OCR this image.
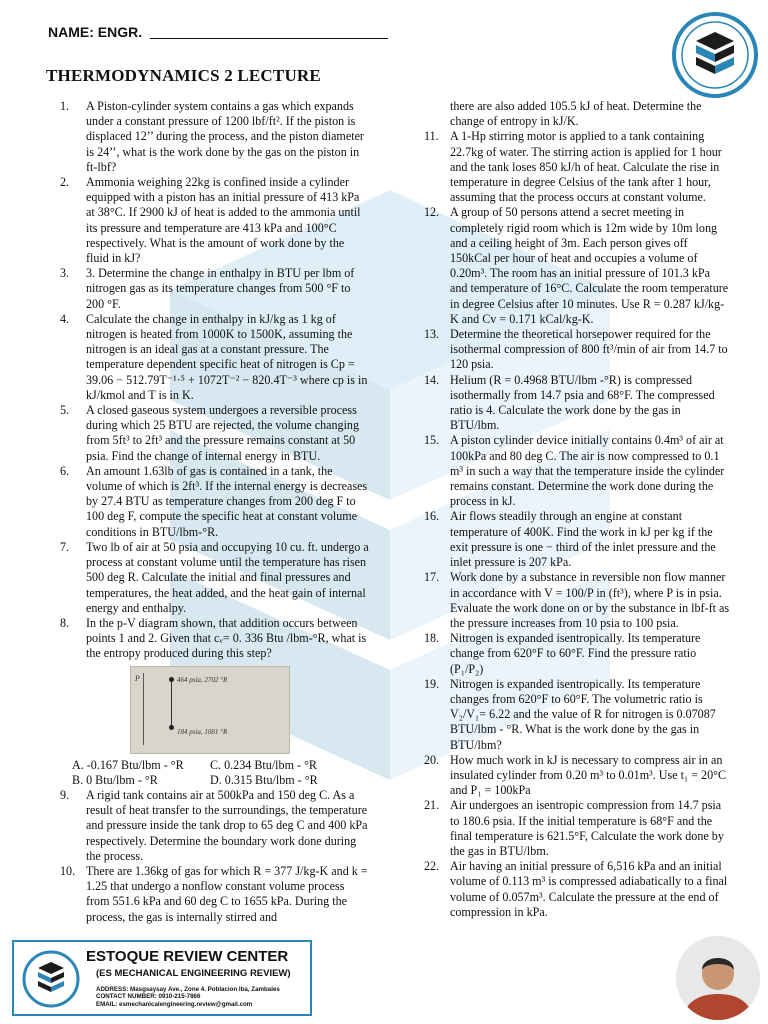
NAME: ENGR.
THERMODYNAMICS 2 LECTURE
1.	A Piston-cylinder system contains a gas which expands under a constant pressure of 1200 lbf/ft². If the piston is displaced 12’’ during the process, and the piston diameter is 24’’, what is the work done by the gas on the piston in ft-lbf?
2.	Ammonia weighing 22kg is confined inside a cylinder equipped with a piston has an initial pressure of 413 kPa at 38°C. If 2900 kJ of heat is added to the ammonia until its pressure and temperature are 413 kPa and 100°C respectively. What is the amount of work done by the fluid in kJ?
3.	3. Determine the change in enthalpy in BTU per lbm of nitrogen gas as its temperature changes from 500 °F to 200 °F.
4.	Calculate the change in enthalpy in kJ/kg as 1 kg of nitrogen is heated from 1000K to 1500K, assuming the nitrogen is an ideal gas at a constant pressure. The temperature dependent specific heat of nitrogen is Cp = 39.06 − 512.79T⁻¹·⁵ + 1072T⁻² − 820.4T⁻³ where cp is in kJ/kmol and T is in K.
5.	A closed gaseous system undergoes a reversible process during which 25 BTU are rejected, the volume changing from 5ft³ to 2ft³ and the pressure remains constant at 50 psia. Find the change of internal energy in BTU.
6.	An amount 1.63lb of gas is contained in a tank, the volume of which is 2ft³. If the internal energy is decreases by 27.4 BTU as temperature changes from 200 deg F to 100 deg F, compute the specific heat at constant volume conditions in BTU/lbm-°R.
7.	Two lb of air at 50 psia and occupying 10 cu. ft. undergo a process at constant volume until the temperature has risen 500 deg R. Calculate the initial and final pressures and temperatures, the heat added, and the heat gain of internal energy and enthalpy.
8.	In the p-V diagram shown, that addition occurs between points 1 and 2. Given that cᵥ= 0. 336 Btu /lbm-°R, what is the entropy produced during this step?
P	464 psia, 2702 °R
184 psia, 1081 °R
A. -0.167 Btu/lbm - °R	C. 0.234 Btu/lbm - °R
B. 0 Btu/lbm - °R	D. 0.315 Btu/lbm - °R
9.	A rigid tank contains air at 500kPa and 150 deg C. As a result of heat transfer to the surroundings, the temperature and pressure inside the tank drop to 65 deg C and 400 kPa respectively. Determine the boundary work done during the process.
10. There are 1.36kg of gas for which R = 377 J/kg-K and k = 1.25 that undergo a nonflow constant volume process from 551.6 kPa and 60 deg C to 1655 kPa. During the process, the gas is internally stirred and
there are also added 105.5 kJ of heat. Determine the change of entropy in kJ/K.
11. A 1-Hp stirring motor is applied to a tank containing 22.7kg of water. The stirring action is applied for 1 hour and the tank loses 850 kJ/h of heat. Calculate the rise in temperature in degree Celsius of the tank after 1 hour, assuming that the process occurs at constant volume.
12. A group of 50 persons attend a secret meeting in completely rigid room which is 12m wide by 10m long and a ceiling height of 3m. Each person gives off 150kCal per hour of heat and occupies a volume of 0.20m³. The room has an initial pressure of 101.3 kPa and temperature of 16°C. Calculate the room temperature in degree Celsius after 10 minutes. Use R = 0.287 kJ/kg-K and Cv = 0.171 kCal/kg-K.
13. Determine the theoretical horsepower required for the isothermal compression of 800 ft³/min of air from 14.7 to 120 psia.
14. Helium (R = 0.4968 BTU/lbm -°R) is compressed isothermally from 14.7 psia and 68°F. The compressed ratio is 4. Calculate the work done by the gas in BTU/lbm.
15. A piston cylinder device initially contains 0.4m³ of air at 100kPa and 80 deg C. The air is now compressed to 0.1 m³ in such a way that the temperature inside the cylinder remains constant. Determine the work done during the process in kJ.
16. Air flows steadily through an engine at constant temperature of 400K. Find the work in kJ per kg if the exit pressure is one − third of the inlet pressure and the inlet pressure is 207 kPa.
17. Work done by a substance in reversible non flow manner in accordance with V = 100/P in (ft³), where P is in psia. Evaluate the work done on or by the substance in lbf-ft as the pressure increases from 10 psia to 100 psia.
18. Nitrogen is expanded isentropically. Its temperature change from 620°F to 60°F. Find the pressure ratio (P₁/P₂)
19. Nitrogen is expanded isentropically. Its temperature changes from 620°F to 60°F. The volumetric ratio is V₂/V₁= 6.22 and the value of R for nitrogen is 0.07087 BTU/lbm - °R. What is the work done by the gas in BTU/lbm?
20. How much work in kJ is necessary to compress air in an insulated cylinder from 0.20 m³ to 0.01m³. Use t₁ = 20°C and P₁ = 100kPa
21. Air undergoes an isentropic compression from 14.7 psia to 180.6 psia. If the initial temperature is 68°F and the final temperature is 621.5°F, Calculate the work done by the gas in BTU/lbm.
22. Air having an initial pressure of 6,516 kPa and an initial volume of 0.113 m³ is compressed adiabatically to a final volume of 0.057m³. Calculate the pressure at the end of compression in kPa.
ESTOQUE REVIEW CENTER
(ES MECHANICAL ENGINEERING REVIEW)
ADDRESS: Masgsaysay Ave., Zone 4. Poblacion Iba, Zambales
CONTACT NUMBER: 0910-215-7866
EMAIL: esmechanicalengineering.review@gmail.com
